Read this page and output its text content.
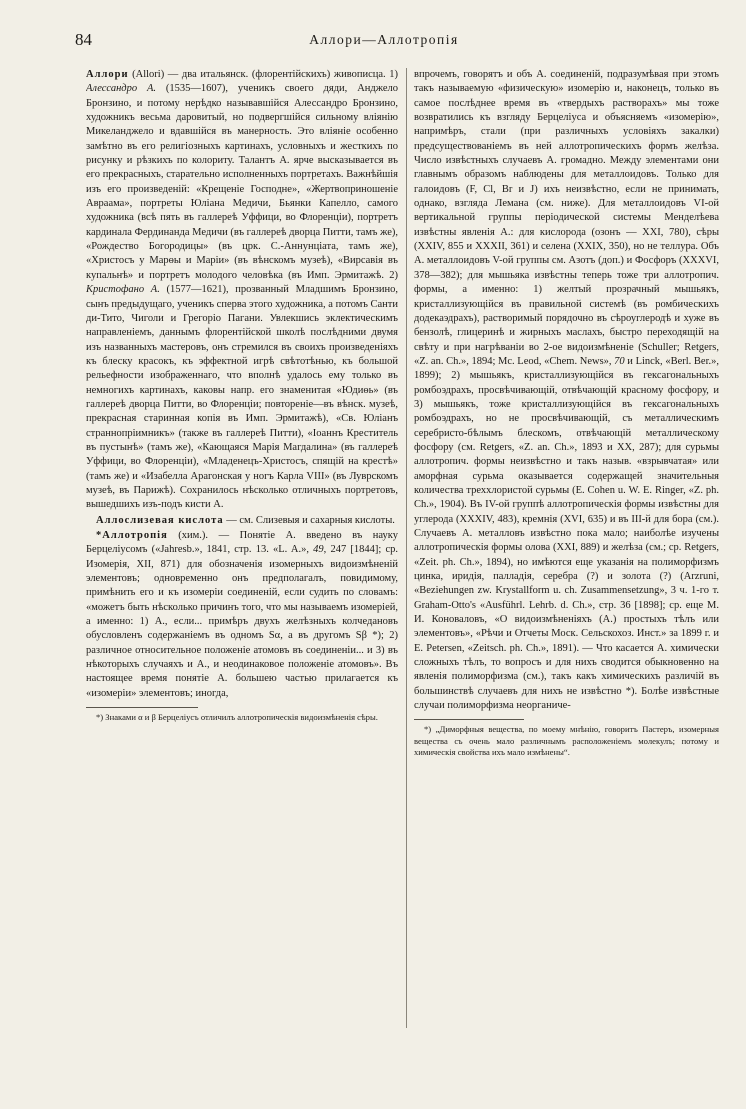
84	Аллори—Аллотропія

Аллори (Allori) — два итальянск. (флорентійскихъ) живописца. 1) Алессандро А. (1535—1607), ученикъ своего дяди, Анджело Бронзино, и потому нерѣдко называвшійся Алессандро Бронзино, художникъ весьма даровитый, но подвергшійся сильному вліянію Микеланджело и вдавшійся въ манерность. Это вліяніе особенно замѣтно въ его религіозныхъ картинахъ, условныхъ и жесткихъ по рисунку и рѣзкихъ по колориту. Талантъ А. ярче высказывается въ его прекрасныхъ, старательно исполненныхъ портретахъ. Важнѣйшія изъ его произведеній: «Крещеніе Господне», «Жертвоприношеніе Авраама», портреты Юліана Медичи, Бьянки Капелло, самого художника (всѣ пять въ галлереѣ Уффици, во Флоренціи), портретъ кардинала Фердинанда Медичи (въ галлереѣ дворца Питти, тамъ же), «Рождество Богородицы» (въ црк. С.-Аннунціата, тамъ же), «Христосъ у Марѳы и Маріи» (въ вѣнскомъ музеѣ), «Вирсавія въ купальнѣ» и портретъ молодого человѣка (въ Имп. Эрмитажѣ. 2) Кристофано А. (1577—1621), прозванный Младшимъ Бронзино, сынъ предыдущаго, ученикъ сперва этого художника, а потомъ Санти ди-Тито, Чиголи и Грегоріо Пагани. Увлекшись эклектическимъ направленіемъ, даннымъ флорентійской школѣ послѣдними двумя изъ названныхъ мастеровъ, онъ стремился въ своихъ произведеніяхъ къ блеску красокъ, къ эффектной игрѣ свѣтотѣнью, къ большой рельефности изображеннаго, что вполнѣ удалось ему только въ немногихъ картинахъ, каковы напр. его знаменитая «Юдиѳь» (въ галлереѣ дворца Питти, во Флоренціи; повтореніе—въ вѣнск. музеѣ, прекрасная старинная копія въ Имп. Эрмитажѣ), «Св. Юліанъ страннопріимникъ» (также въ галлереѣ Питти), «Іоаннъ Креститель въ пустынѣ» (тамъ же), «Кающаяся Марія Магдалина» (въ галлереѣ Уффици, во Флоренціи), «Младенецъ-Христосъ, спящій на крестѣ» (тамъ же) и «Изабелла Арагонская у ногъ Карла VIII» (въ Луврскомъ музеѣ, въ Парижѣ). Сохранилось нѣсколько отличныхъ портретовъ, вышедшихъ изъ-подъ кисти А.

Аллослизевая кислота — см. Слизевыя и сахарныя кислоты.

*Аллотропія (хим.). — Понятіе А. введено въ науку Берцеліусомъ («Jahresb.», 1841, стр. 13. «L. A.», 49, 247 [1844]; ср. Изомерія, XII, 871) для обозначенія изомерныхъ видоизмѣненій элементовъ; одновременно онъ предполагалъ, повидимому, примѣнить его и къ изомеріи соединеній, если судить по словамъ: «можетъ быть нѣсколько причинъ того, что мы называемъ изомеріей, а именно: 1) А., если... примѣръ двухъ желѣзныхъ колчедановъ обусловленъ содержаніемъ въ одномъ Sα, а въ другомъ Sβ *); 2) различное относительное положеніе атомовъ въ соединеніи... и 3) въ нѣкоторыхъ случаяхъ и А., и неодинаковое положеніе атомовъ». Въ настоящее время понятіе А. большею частью прилагается къ «изомеріи» элементовъ; иногда,

*) Знаками α и β Берцеліусъ отличилъ аллотропическія видоизмѣненія сѣры.

впрочемъ, говорятъ и объ А. соединеній, подразумѣвая при этомъ такъ называемую «физическую» изомерію и, наконецъ, только въ самое послѣднее время въ «твердыхъ растворахъ» мы тоже возвратились къ взгляду Берцеліуса и объясняемъ «изомерію», напримѣръ, стали (при различныхъ условіяхъ закалки) предсуществованіемъ въ ней аллотропическихъ формъ желѣза. Число извѣстныхъ случаевъ А. громадно. Между элементами они главнымъ образомъ наблюдены для металлоидовъ. Только для галоидовъ (F, Cl, Br и J) ихъ неизвѣстно, если не принимать, однако, взгляда Лемана (см. ниже). Для металлоидовъ VI-ой вертикальной группы періодической системы Менделѣева извѣстны явленія А.: для кислорода (озонъ — XXI, 780), сѣры (XXIV, 855 и XXXII, 361) и селена (XXIX, 350), но не теллура. Объ А. металлоидовъ V-ой группы см. Азотъ (доп.) и Фосфоръ (XXXVI, 378—382); для мышьяка извѣстны теперь тоже три аллотропич. формы, а именно: 1) желтый прозрачный мышьякъ, кристаллизующійся въ правильной системѣ (въ ромбическихъ додекаэдрахъ), растворимый порядочно въ сѣроуглеродѣ и хуже въ бензолѣ, глицеринѣ и жирныхъ маслахъ, быстро переходящій на свѣту и при нагрѣваніи во 2-ое видоизмѣненіе (Schuller; Retgers, «Z. an. Ch.», 1894; Mc. Leod, «Chem. News», 70 и Linck, «Berl. Ber.», 1899); 2) мышьякъ, кристаллизующійся въ гексагональныхъ ромбоэдрахъ, просвѣчивающій, отвѣчающій красному фосфору, и 3) мышьякъ, тоже кристаллизующійся въ гексагональныхъ ромбоэдрахъ, но не просвѣчивающій, съ металлическимъ серебристо-бѣлымъ блескомъ, отвѣчающій металлическому фосфору (см. Retgers, «Z. an. Ch.», 1893 и XX, 287); для сурьмы аллотропич. формы неизвѣстно и такъ назыв. «взрывчатая» или аморфная сурьма оказывается содержащей значительныя количества треххлористой сурьмы (E. Cohen u. W. E. Ringer, «Z. ph. Ch.», 1904). Въ IV-ой группѣ аллотропическія формы извѣстны для углерода (XXXIV, 483), кремнія (XVI, 635) и въ III-й для бора (см.). Случаевъ А. металловъ извѣстно пока мало; наиболѣе изучены аллотропическія формы олова (XXI, 889) и желѣза (см.; ср. Retgers, «Zeit. ph. Ch.», 1894), но имѣются еще указанія на полиморфизмъ цинка, иридія, палладія, серебра (?) и золота (?) (Arzruni, «Beziehungen zw. Krystallform u. ch. Zusammensetzung», 3 ч. 1-го т. Graham-Otto's «Ausführl. Lehrb. d. Ch.», стр. 36 [1898]; ср. еще М. И. Коноваловъ, «О видоизмѣненіяхъ (А.) простыхъ тѣлъ или элементовъ», «Рѣчи и Отчеты Моск. Сельскохоз. Инст.» за 1899 г. и E. Petersen, «Zeitsch. ph. Ch.», 1891). — Что касается А. химически сложныхъ тѣлъ, то вопросъ и для нихъ сводится обыкновенно на явленія полиморфизма (см.), такъ какъ химическихъ различій въ большинствѣ случаевъ для нихъ не извѣстно *). Болѣе извѣстные случаи полиморфизма неорганиче-

*) „Диморфныя вещества, по моему мнѣнію, говоритъ Пастеръ, изомерныя вещества съ очень мало различнымъ расположеніемъ молекулъ; потому и химическія свойства ихъ мало измѣнены“.
